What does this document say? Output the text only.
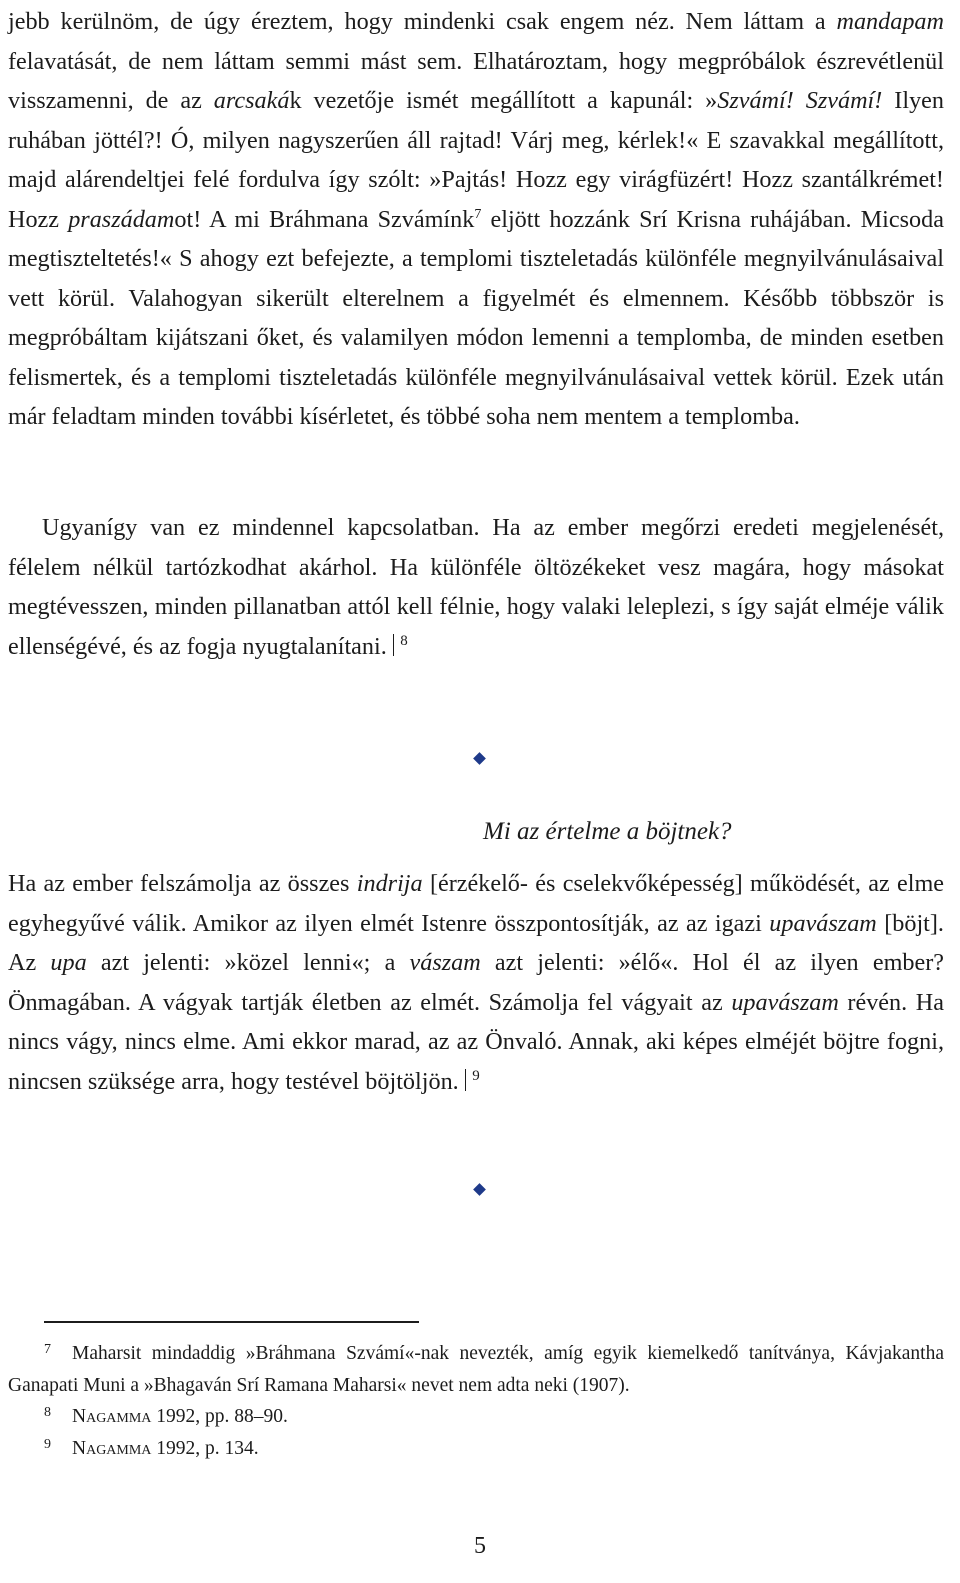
jebb kerülnöm, de úgy éreztem, hogy mindenki csak engem néz. Nem láttam a mandapam felavatását, de nem láttam semmi mást sem. Elhatároztam, hogy megpróbálok észrevétlenül visszamenni, de az arcsakák vezetője ismét megállított a kapunál: »Szvámí! Szvámí! Ilyen ruhában jöttél?! Ó, milyen nagyszerűen áll rajtad! Várj meg, kérlek!« E szavakkal megállított, majd alárendeltjei felé fordulva így szólt: »Pajtás! Hozz egy virágfüzért! Hozz szantálkrémet! Hozz praszádamot! A mi Bráhmana Szvámínk$^7$ eljött hozzánk Srí Krisna ruhájában. Micsoda megtiszteltetés!« S ahogy ezt befejezte, a templomi tiszteletadás különféle megnyilvánulásaival vett körül. Valahogyan sikerült elterelnem a figyelmét és elmennem. Később többször is megpróbáltam kijátszani őket, és valamilyen módon lemenni a templomba, de minden esetben felismertek, és a templomi tiszteletadás különféle megnyilvánulásaival vettek körül. Ezek után már feladtam minden további kísérletet, és többé soha nem mentem a templomba.

Ugyanígy van ez mindennel kapcsolatban. Ha az ember megőrzi eredeti megjelenését, félelem nélkül tartózkodhat akárhol. Ha különféle öltözékeket vesz magára, hogy másokat megtévesszen, minden pillanatban attól kell félnie, hogy valaki leleplezi, s így saját elméje válik ellenségévé, és az fogja nyugtalanítani. $^8$

Mi az értelme a böjtnek?

Ha az ember felszámolja az összes indrija [érzékelő- és cselekvőképesség] működését, az elme egyhegyűvé válik. Amikor az ilyen elmét Istenre összpontosítják, az az igazi upavászam [böjt]. Az upa azt jelenti: »közel lenni«; a vászam azt jelenti: »élő«. Hol él az ilyen ember? Önmagában. A vágyak tartják életben az elmét. Számolja fel vágyait az upavászam révén. Ha nincs vágy, nincs elme. Ami ekkor marad, az az Önvaló. Annak, aki képes elméjét böjtre fogni, nincsen szüksége arra, hogy testével böjtöljön. $^9$

7 Maharsit mindaddig »Bráhmana Szvámí«-nak nevezték, amíg egyik kiemelkedő tanítványa, Kávjakantha Ganapati Muni a »Bhagaván Srí Ramana Maharsi« nevet nem adta neki (1907).

8 Nagamma 1992, pp. 88–90.

9 Nagamma 1992, p. 134.

5
